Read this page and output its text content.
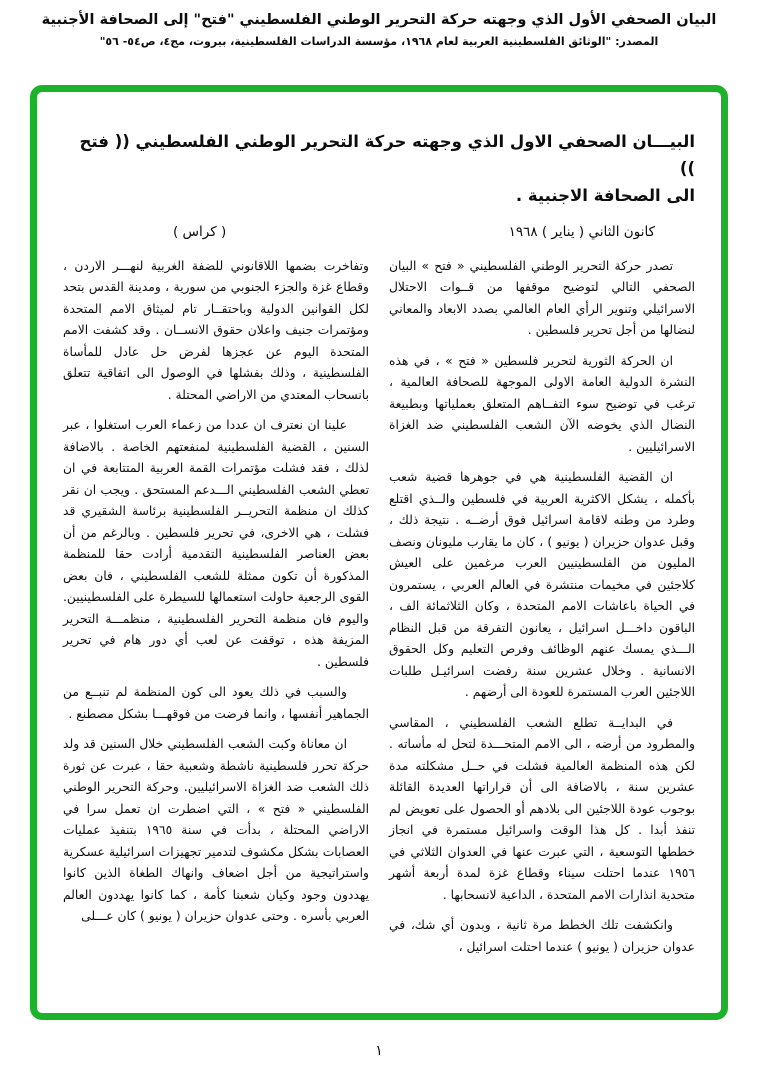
البيان الصحفي الأول الذي وجهته حركة التحرير الوطني الفلسطيني "فتح" إلى الصحافة الأجنبية
المصدر: "الوثائق الفلسطينية العربية لعام ١٩٦٨، مؤسسة الدراسات الفلسطينية، بيروت، مج٤، ص٥٤- ٥٦"
البيـــان الصحفي الاول الذي وجهته حركة التحرير الوطني الفلسطيني (( فتح ))
الى الصحافة الاجنبية .
كانون الثاني ( يناير ) ١٩٦٨
( كراس )

تصدر حركة التحرير الوطني الفلسطيني « فتح » البيان الصحفي التالي لتوضيح موقفها من قــوات الاحتلال الاسرائيلي وتنوير الرأي العام العالمي بصدد الابعاد والمعاني لنضالها من أجل تحرير فلسطين .

ان الحركة الثورية لتحرير فلسطين « فتح » ، في هذه النشرة الدولية العامة الاولى الموجهة للصحافة العالمية ، ترغب في توضيح سوء التفــاهم المتعلق بعملياتها وبطبيعة النضال الذي يخوضه الآن الشعب الفلسطيني ضد الغزاة الاسرائيليين .

ان القضية الفلسطينية هي في جوهرها قضية شعب بأكمله ، يشكل الاكثرية العربية في فلسطين والــذي اقتلع وطرد من وطنه لاقامة اسرائيل فوق أرضــه . نتيجة ذلك ، وقبل عدوان حزيران ( يونيو ) ، كان ما يقارب مليونان ونصف المليون من الفلسطينيين العرب مرغمين على العيش كلاجئين في مخيمات منتشرة في العالم العربي ، يستمرون في الحياة باعاشات الامم المتحدة ، وكان الثلاثمائة الف ، الباقون داخـــل اسرائيل ، يعانون التفرقة من قبل النظام الـــذي يمسك عنهم الوظائف وفرص التعليم وكل الحقوق الانسانية . وخلال عشرين سنة رفضت اسرائيـل طلبات اللاجئين العرب المستمرة للعودة الى أرضهم .

في البدايــة تطلع الشعب الفلسطيني ، المقاسي والمطرود من أرضه ، الى الامم المتحـــدة لتحل له مأساته . لكن هذه المنظمة العالمية فشلت في حــل مشكلته مدة عشرين سنة ، بالاضافة الى أن قراراتها العديدة القائلة بوجوب عودة اللاجئين الى بلادهم أو الحصول على تعويض لم تنفذ أبدا . كل هذا الوقت واسرائيل مستمرة في انجاز خططها التوسعية ، التي عبرت عنها في العدوان الثلاثي في ١٩٥٦ عندما احتلت سيناء وقطاع غزة لمدة أربعة أشهر متحدية انذارات الامم المتحدة ، الداعية لانسحابها .

وانكشفت تلك الخطط مرة ثانية ، وبدون أي شك، في عدوان حزيران ( يونيو ) عندما احتلت اسرائيل ،

وتفاخرت بضمها اللاقانوني للضفة الغربية لنهـــر الاردن ، وقطاع غزة والجزء الجنوبي من سورية ، ومدينة القدس بتحد لكل القوانين الدولية وباحتقــار تام لميثاق الامم المتحدة ومؤتمرات جنيف واعلان حقوق الانســان . وقد كشفت الامم المتحدة اليوم عن عجزها لفرض حل عادل للمأساة الفلسطينية ، وذلك بفشلها في الوصول الى اتفاقية تتعلق بانسحاب المعتدي من الاراضي المحتلة .

علينا ان نعترف ان عددا من زعماء العرب استغلوا ، عبر السنين ، القضية الفلسطينية لمنفعتهم الخاصة . بالاضافة لذلك ، فقد فشلت مؤتمرات القمة العربية المتتابعة في ان تعطي الشعب الفلسطيني الـــدعم المستحق . ويجب ان نقر كذلك ان منظمة التحريــر الفلسطينية برئاسة الشقيري قد فشلت ، هي الاخرى، في تحرير فلسطين . وبالرغم من أن بعض العناصر الفلسطينية التقدمية أرادت حقا للمنظمة المذكورة أن تكون ممثلة للشعب الفلسطيني ، فان بعض القوى الرجعية حاولت استعمالها للسيطرة على الفلسطينيين. واليوم فان منظمة التحرير الفلسطينية ، منظمـــة التحرير المزيفة هذه ، توقفت عن لعب أي دور هام في تحرير فلسطين .

والسبب في ذلك يعود الى كون المنظمة لم تنبــع من الجماهير أنفسها ، وانما فرضت من فوقهـــا بشكل مصطنع .

ان معاناة وكبت الشعب الفلسطيني خلال السنين قد ولد حركة تحرر فلسطينية ناشطة وشعبية حقا ، عبرت عن ثورة ذلك الشعب ضد الغزاة الاسرائيليين. وحركة التحرير الوطني الفلسطيني « فتح » ، التي اضطرت ان تعمل سرا في الاراضي المحتلة ، بدأت في سنة ١٩٦٥ بتنفيذ عمليات العصابات بشكل مكشوف لتدمير تجهيزات اسرائيلية عسكرية واستراتيجية من أجل اضعاف وانهاك الطغاة الذين كانوا يهددون وجود وكيان شعبنا كأمة ، كما كانوا يهددون العالم العربي بأسره . وحتى عدوان حزيران ( يونيو ) كان عـــلى

١
